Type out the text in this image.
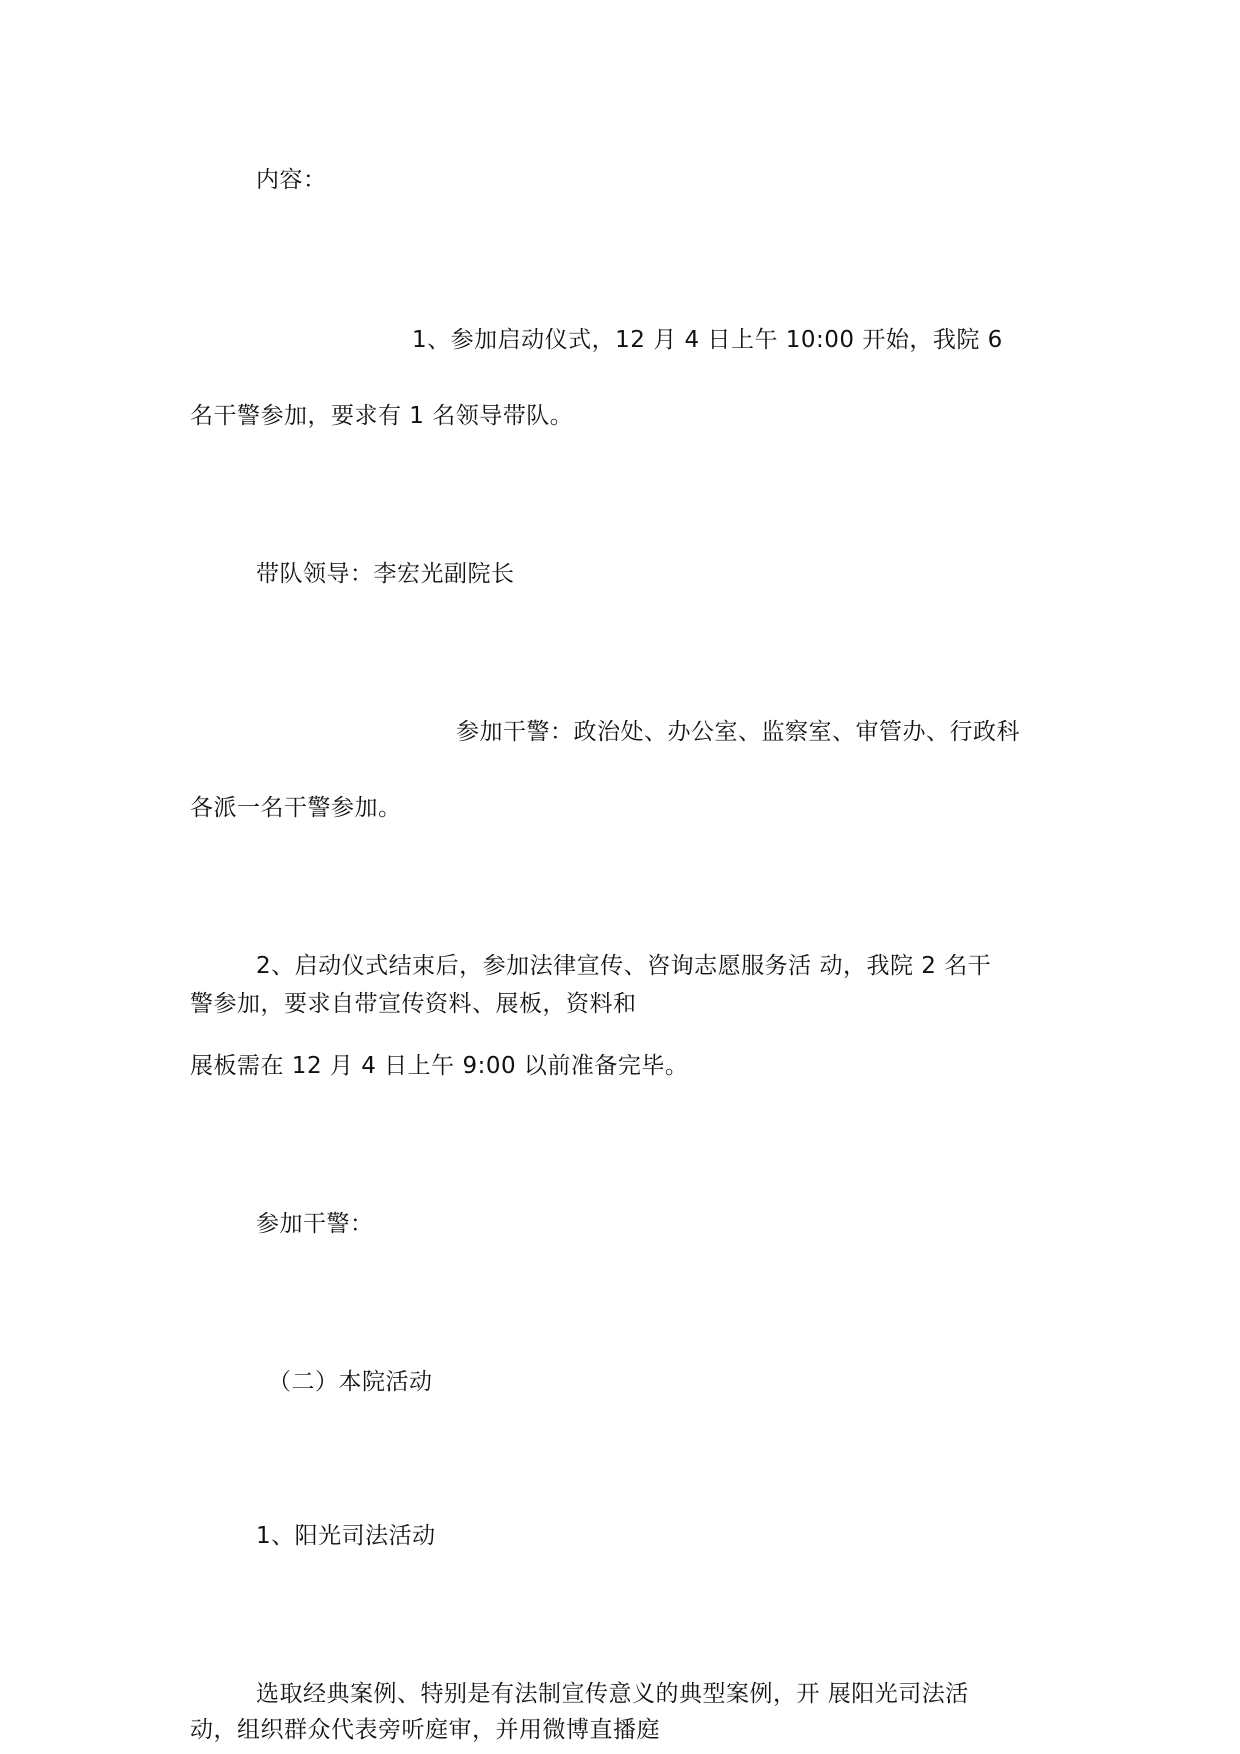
内容：
1、参加启动仪式，12 月 4 日上午 10:00 开始，我院 6
名干警参加，要求有 1 名领导带队。
带队领导：李宏光副院长
参加干警：政治处、办公室、监察室、审管办、行政科
各派一名干警参加。
2、启动仪式结束后，参加法律宣传、咨询志愿服务活 动，我院 2 名干
警参加，要求自带宣传资料、展板，资料和
展板需在 12 月 4 日上午 9:00 以前准备完毕。
参加干警：
（二）本院活动
1、阳光司法活动
选取经典案例、特别是有法制宣传意义的典型案例，开 展阳光司法活
动，组织群众代表旁听庭审，并用微博直播庭
